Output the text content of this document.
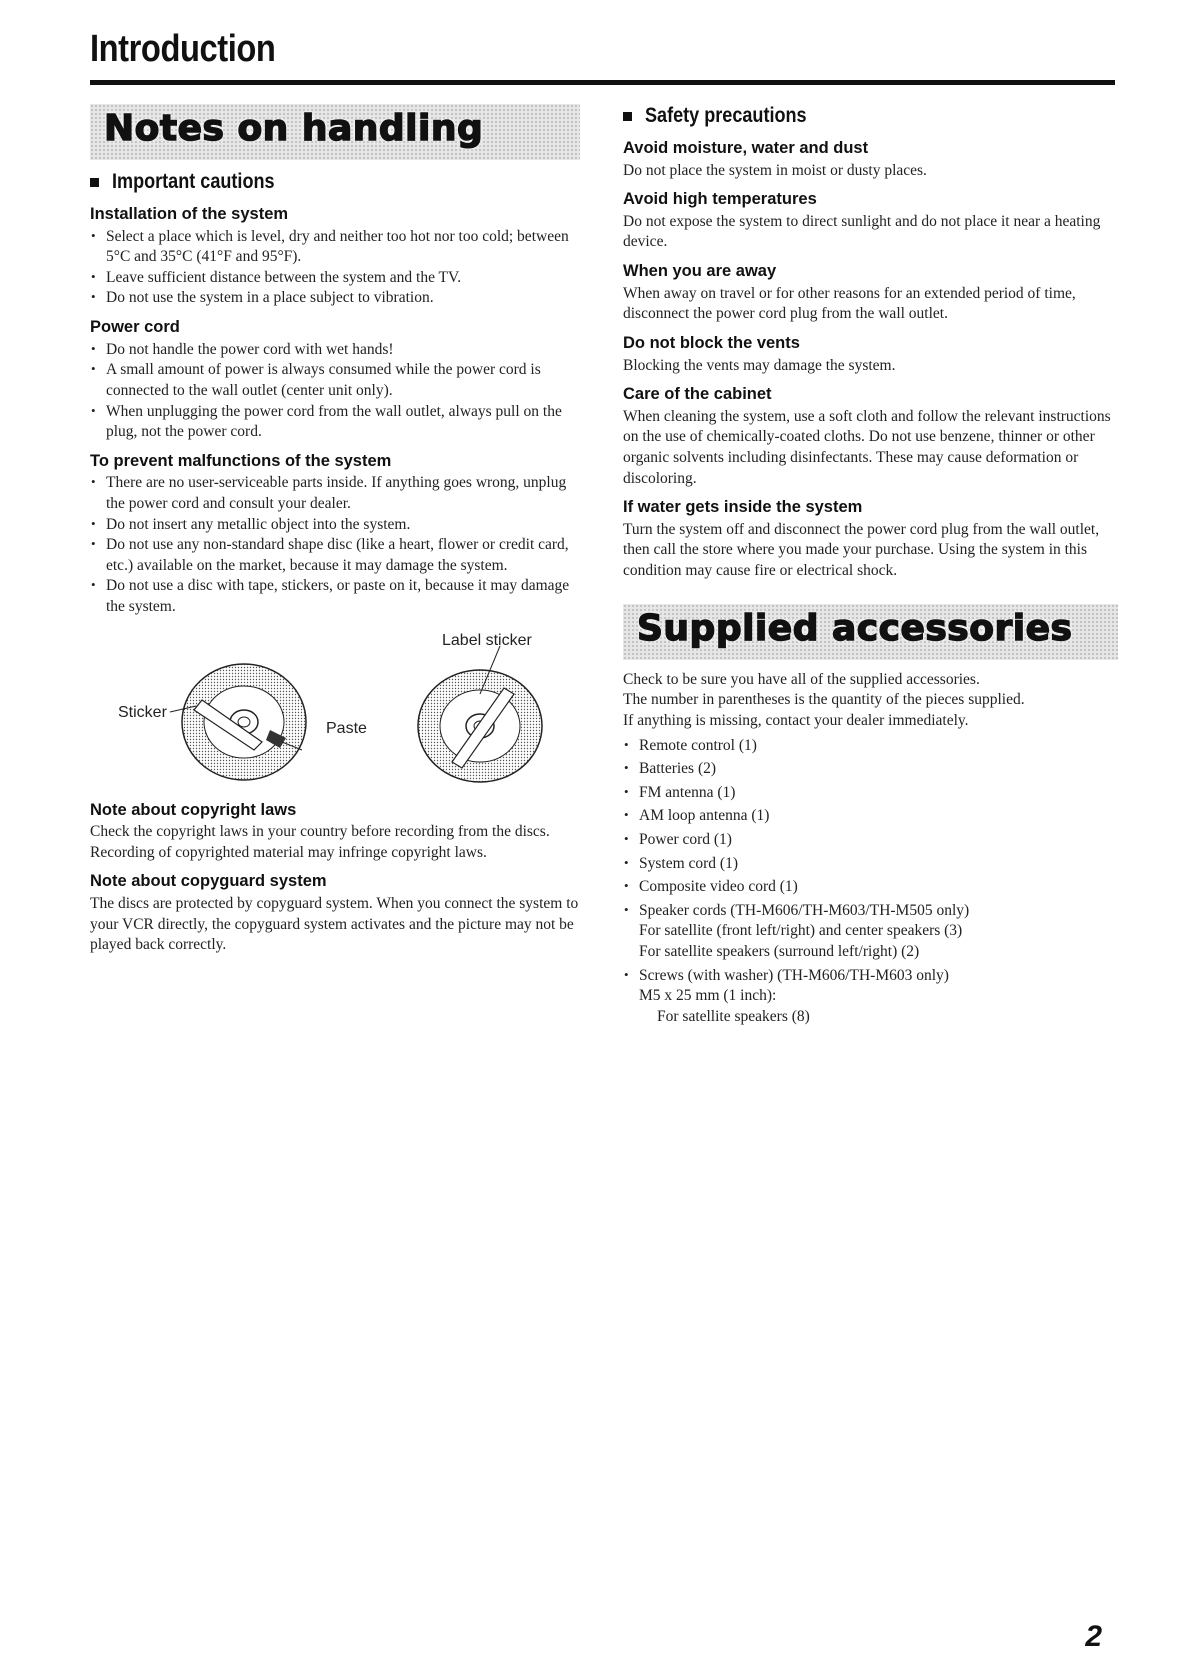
Introduction
Notes on handling
Important cautions
Installation of the system
• Select a place which is level, dry and neither too hot nor too cold; between 5°C and 35°C (41°F and 95°F).
• Leave sufficient distance between the system and the TV.
• Do not use the system in a place subject to vibration.
Power cord
• Do not handle the power cord with wet hands!
• A small amount of power is always consumed while the power cord is connected to the wall outlet (center unit only).
• When unplugging the power cord from the wall outlet, always pull on the plug, not the power cord.
To prevent malfunctions of the system
• There are no user-serviceable parts inside. If anything goes wrong, unplug the power cord and consult your dealer.
• Do not insert any metallic object into the system.
• Do not use any non-standard shape disc (like a heart, flower or credit card, etc.) available on the market, because it may damage the system.
• Do not use a disc with tape, stickers, or paste on it, because it may damage the system.
Label sticker
Sticker
Paste
Note about copyright laws

Check the copyright laws in your country before recording from the discs. Recording of copyrighted material may infringe copyright laws.

Note about copyguard system

The discs are protected by copyguard system. When you connect the system to your VCR directly, the copyguard system activates and the picture may not be played back correctly.

Safety precautions
Avoid moisture, water and dust

Do not place the system in moist or dusty places.

Avoid high temperatures

Do not expose the system to direct sunlight and do not place it near a heating device.

When you are away

When away on travel or for other reasons for an extended period of time, disconnect the power cord plug from the wall outlet.

Do not block the vents

Blocking the vents may damage the system.

Care of the cabinet

When cleaning the system, use a soft cloth and follow the relevant instructions on the use of chemically-coated cloths. Do not use benzene, thinner or other organic solvents including disinfectants. These may cause deformation or discoloring.

If water gets inside the system

Turn the system off and disconnect the power cord plug from the wall outlet, then call the store where you made your purchase. Using the system in this condition may cause fire or electrical shock.

Supplied accessories

Check to be sure you have all of the supplied accessories.

The number in parentheses is the quantity of the pieces supplied.

If anything is missing, contact your dealer immediately.

• Remote control (1)
• Batteries (2)
• FM antenna (1)
• AM loop antenna (1)
• Power cord (1)
• System cord (1)
• Composite video cord (1)
• Speaker cords (TH-M606/TH-M603/TH-M505 only)
For satellite (front left/right) and center speakers (3)
For satellite speakers (surround left/right) (2)
• Screws (with washer) (TH-M606/TH-M603 only)
M5 x 25 mm (1 inch):
For satellite speakers (8)
2
